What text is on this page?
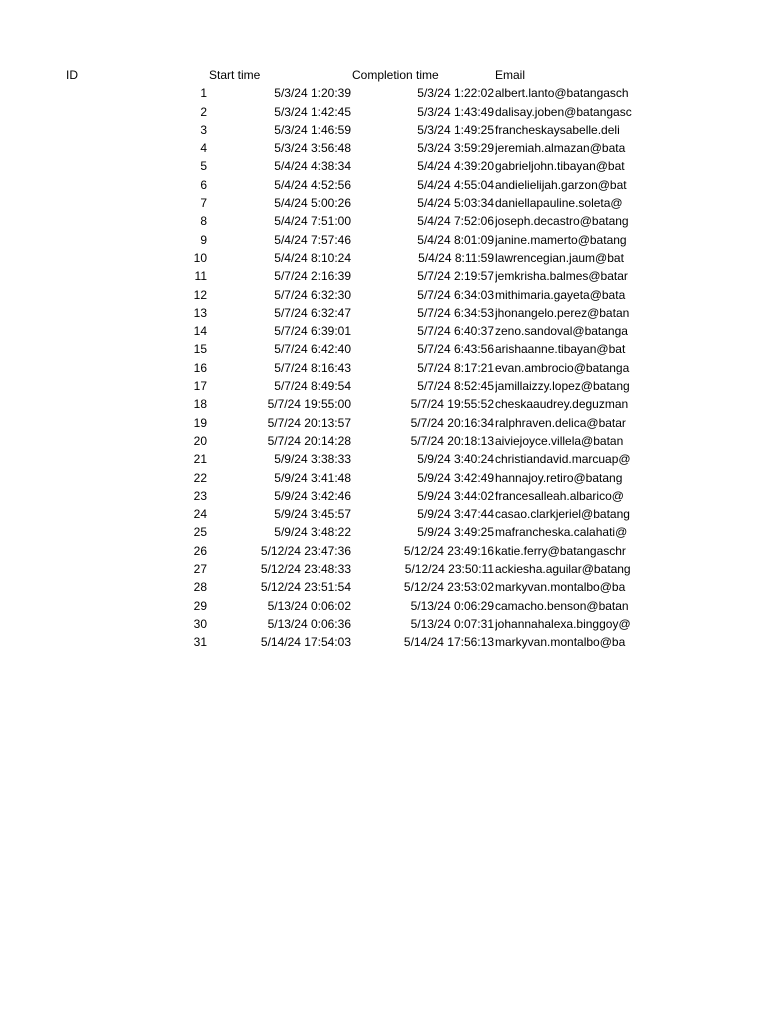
ID	Start time	Completion time	Email
1	5/3/24 1:20:39	5/3/24 1:22:02 albert.lanto@batangasch
2	5/3/24 1:42:45	5/3/24 1:43:49 dalisay.joben@batangasc
3	5/3/24 1:46:59	5/3/24 1:49:25 francheskaysabelle.deli
4	5/3/24 3:56:48	5/3/24 3:59:29 jeremiah.almazan@bata
5	5/4/24 4:38:34	5/4/24 4:39:20 gabrieljohn.tibayan@bat
6	5/4/24 4:52:56	5/4/24 4:55:04 andielielijah.garzon@bat
7	5/4/24 5:00:26	5/4/24 5:03:34 daniellapauline.soleta@
8	5/4/24 7:51:00	5/4/24 7:52:06 joseph.decastro@batang
9	5/4/24 7:57:46	5/4/24 8:01:09 janine.mamerto@batang
10	5/4/24 8:10:24	5/4/24 8:11:59 lawrencegian.jaum@bat
11	5/7/24 2:16:39	5/7/24 2:19:57 jemkrisha.balmes@batar
12	5/7/24 6:32:30	5/7/24 6:34:03 mithimaria.gayeta@bata
13	5/7/24 6:32:47	5/7/24 6:34:53 jhonangelo.perez@batan
14	5/7/24 6:39:01	5/7/24 6:40:37 zeno.sandoval@batanga
15	5/7/24 6:42:40	5/7/24 6:43:56 arishaanne.tibayan@bat
16	5/7/24 8:16:43	5/7/24 8:17:21 evan.ambrocio@batanga
17	5/7/24 8:49:54	5/7/24 8:52:45 jamillaizzy.lopez@batang
18	5/7/24 19:55:00	5/7/24 19:55:52 cheskaaudrey.deguzman
19	5/7/24 20:13:57	5/7/24 20:16:34 ralphraven.delica@batar
20	5/7/24 20:14:28	5/7/24 20:18:13 aiviejoyce.villela@batan
21	5/9/24 3:38:33	5/9/24 3:40:24 christiandavid.marcuap@
22	5/9/24 3:41:48	5/9/24 3:42:49 hannajoy.retiro@batang
23	5/9/24 3:42:46	5/9/24 3:44:02 francesalleah.albarico@
24	5/9/24 3:45:57	5/9/24 3:47:44 casao.clarkjeriel@batang
25	5/9/24 3:48:22	5/9/24 3:49:25 mafrancheska.calahati@
26	5/12/24 23:47:36	5/12/24 23:49:16 katie.ferry@batangaschr
27	5/12/24 23:48:33	5/12/24 23:50:11 ackiesha.aguilar@batang
28	5/12/24 23:51:54	5/12/24 23:53:02 markyvan.montalbo@ba
29	5/13/24 0:06:02	5/13/24 0:06:29 camacho.benson@batan
30	5/13/24 0:06:36	5/13/24 0:07:31 johannahalexa.binggoy@
31	5/14/24 17:54:03	5/14/24 17:56:13 markyvan.montalbo@ba
